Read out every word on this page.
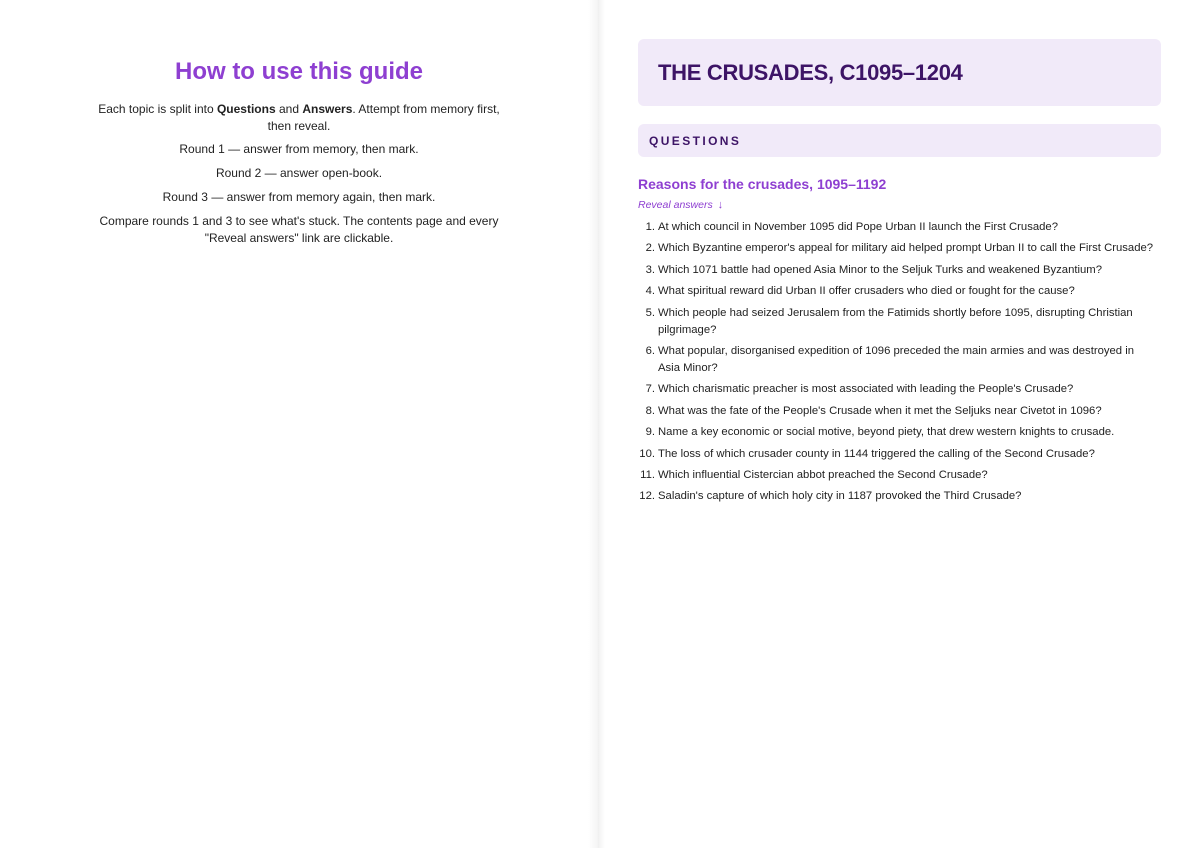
How to use this guide

Each topic is split into Questions and Answers. Attempt from memory first, then reveal.

Round 1 — answer from memory, then mark.

Round 2 — answer open-book.

Round 3 — answer from memory again, then mark.

Compare rounds 1 and 3 to see what's stuck. The contents page and every "Reveal answers" link are clickable.

THE CRUSADES, C1095–1204
QUESTIONS
Reasons for the crusades, 1095–1192
Reveal answers ↓
1. At which council in November 1095 did Pope Urban II launch the First Crusade?
2. Which Byzantine emperor's appeal for military aid helped prompt Urban II to call the First Crusade?
3. Which 1071 battle had opened Asia Minor to the Seljuk Turks and weakened Byzantium?
4. What spiritual reward did Urban II offer crusaders who died or fought for the cause?
5. Which people had seized Jerusalem from the Fatimids shortly before 1095, disrupting Christian pilgrimage?
6. What popular, disorganised expedition of 1096 preceded the main armies and was destroyed in Asia Minor?
7. Which charismatic preacher is most associated with leading the People's Crusade?
8. What was the fate of the People's Crusade when it met the Seljuks near Civetot in 1096?
9. Name a key economic or social motive, beyond piety, that drew western knights to crusade.
10. The loss of which crusader county in 1144 triggered the calling of the Second Crusade?
11. Which influential Cistercian abbot preached the Second Crusade?
12. Saladin's capture of which holy city in 1187 provoked the Third Crusade?
